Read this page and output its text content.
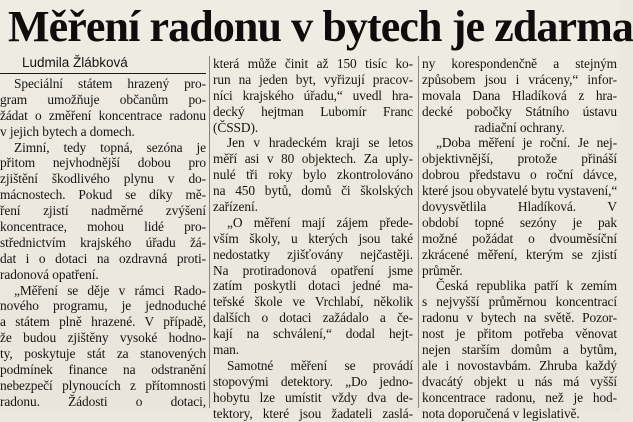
Měření radonu v bytech je zdarma
Ludmila Žlábková
Speciální státem hrazený pro-
gram umožňuje občanům po-
žádat o změření koncentrace radonu
v jejich bytech a domech.
Zimní, tedy topná, sezóna je
přitom nejvhodnější dobou pro
zjištění škodlivého plynu v do-
mácnostech. Pokud se díky mě-
ření zjistí nadměrné zvýšení
koncentrace, mohou lidé pro-
střednictvím krajského úřadu žá-
dat i o dotaci na ozdravná proti-
radonová opatření.
„Měření se děje v rámci Rado-
nového programu, je jednoduché
a státem plně hrazené. V případě,
že budou zjištěny vysoké hodno-
ty, poskytuje stát za stanovených
podmínek finance na odstranění
nebezpečí plynoucích z přítomnosti
radonu. Žádosti o dotaci,
která může činit až 150 tisíc ko-
run na jeden byt, vyřizují pracov-
níci krajského úřadu,“ uvedl hra-
decký hejtman Lubomír Franc
(ČSSD).
Jen v hradeckém kraji se letos
měří asi v 80 objektech. Za uply-
nulé tři roky bylo zkontrolováno
na 450 bytů, domů či školských
zařízení.
„O měření mají zájem přede-
vším školy, u kterých jsou také
nedostatky zjišťovány nejčastěji.
Na protiradonová opatření jsme
zatím poskytli dotaci jedné ma-
teřské škole ve Vrchlabí, několik
dalších o dotaci zažádalo a če-
kají na schválení,“ dodal hejt-
man.
Samotné měření se provádí
stopovými detektory. „Do jedno-
hobytu lze umístit vždy dva de-
tektory, které jsou žadateli zaslá-
ny korespondenčně a stejným
způsobem jsou i vráceny,“ infor-
movala Dana Hladíková z hra-
decké pobočky Státního ústavu
radiační ochrany.
„Doba měření je roční. Je nej-
objektivnější, protože přináší
dobrou představu o roční dávce,
které jsou obyvatelé bytu vystavení,“
dovysvětlila Hladíková. V
období topné sezóny je pak
možné požádat o dvouměsíční
zkrácené měření, kterým se zjistí
průměr.
Česká republika patří k zemím
s nejvyšší průměrnou koncentrací
radonu v bytech na světě. Pozor-
nost je přitom potřeba věnovat
nejen starším domům a bytům,
ale i novostavbám. Zhruba každý
dvacátý objekt u nás má vyšší
koncentrace radonu, než je hod-
nota doporučená v legislativě.
